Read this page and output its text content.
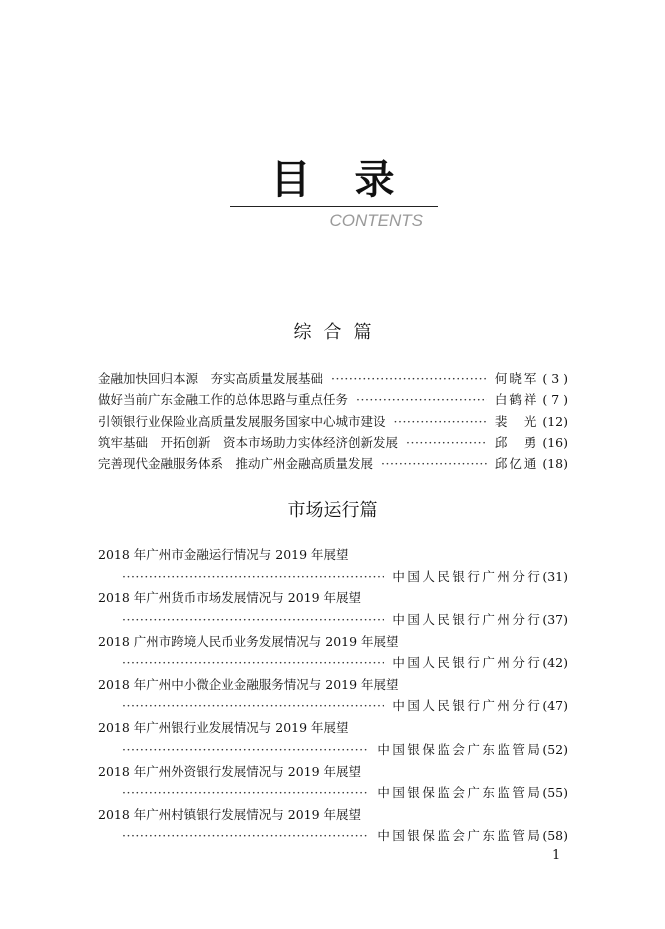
目录
CONTENTS
综合篇
金融加快回归本源　夯实高质量发展基础 ·····	何晓军 ( 3 )
做好当前广东金融工作的总体思路与重点任务 ·····	白鹤祥 ( 7 )
引领银行业保险业高质量发展服务国家中心城市建设 ·····	裴　光 (12)
筑牢基础　开拓创新　资本市场助力实体经济创新发展 ·····	邱　勇 (16)
完善现代金融服务体系　推动广州金融高质量发展 ·····	邱亿通 (18)
市场运行篇
2018 年广州市金融运行情况与 2019 年展望
·····
中国人民银行广州分行 (31)
2018 年广州货币市场发展情况与 2019 年展望
·····
中国人民银行广州分行 (37)
2018 广州市跨境人民币业务发展情况与 2019 年展望
·····
中国人民银行广州分行 (42)
2018 年广州中小微企业金融服务情况与 2019 年展望
·····
中国人民银行广州分行 (47)
2018 年广州银行业发展情况与 2019 年展望
·····
中国银保监会广东监管局 (52)
2018 年广州外资银行发展情况与 2019 年展望
·····
中国银保监会广东监管局 (55)
2018 年广州村镇银行发展情况与 2019 年展望
·····
中国银保监会广东监管局 (58)
1
